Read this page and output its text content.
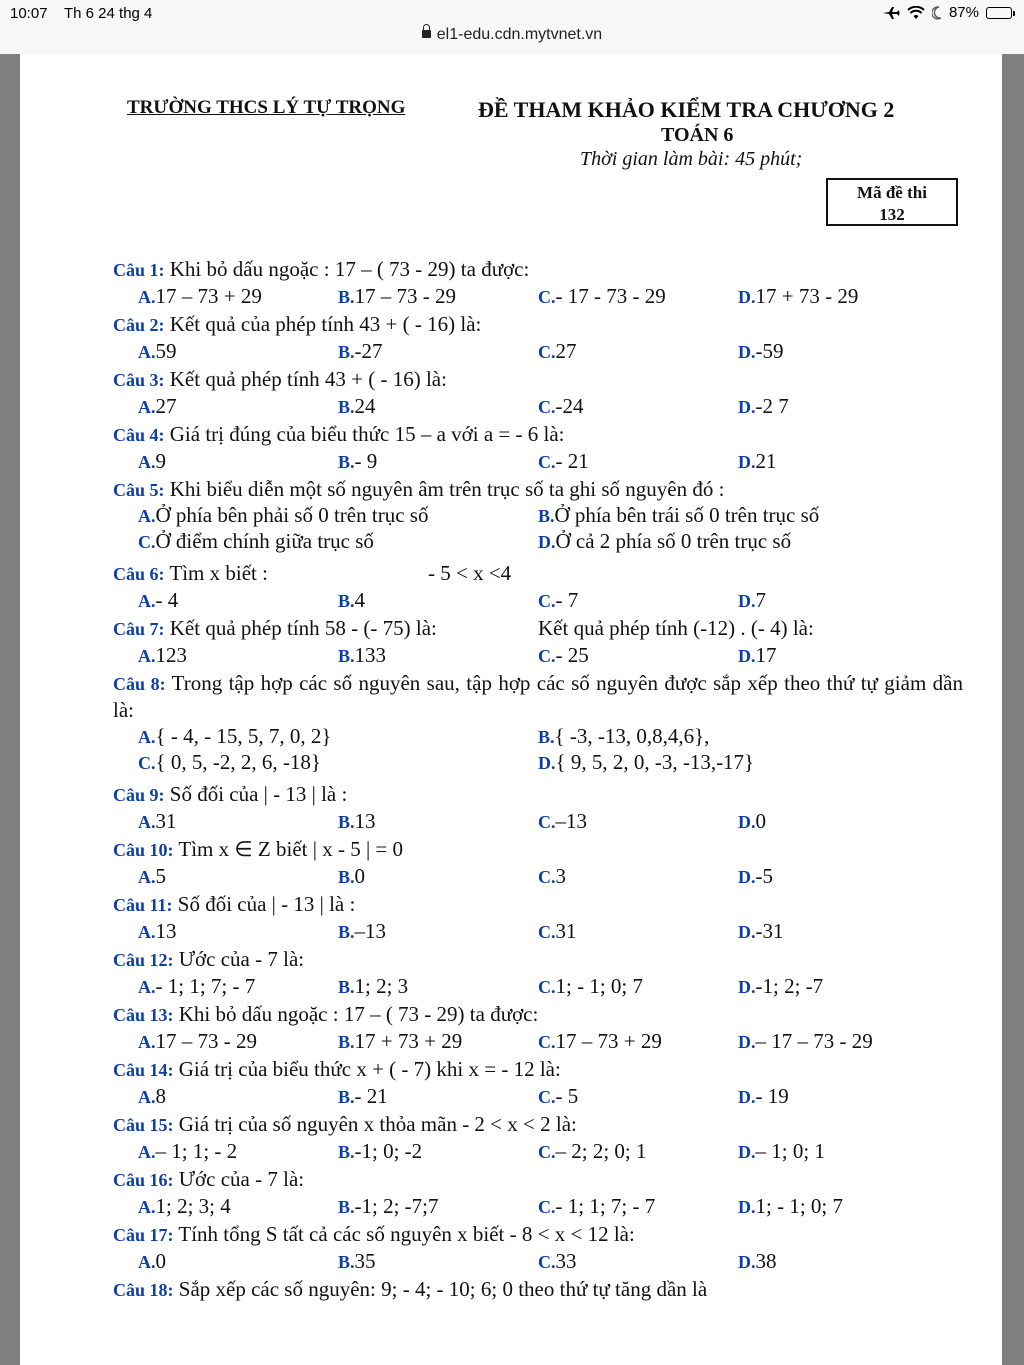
10:07 Th 6 24 thg 4	87%
el1-edu.cdn.mytvnet.vn
TRƯỜNG THCS LÝ TỰ TRỌNG	ĐỀ THAM KHẢO KIỂM TRA CHƯƠNG 2
TOÁN 6
Thời gian làm bài: 45 phút;
Mã đề thi
132
Câu 1: Khi bỏ dấu ngoặc : 17 – ( 73 - 29) ta được:
A.17 – 73 + 29	B.17 – 73 - 29	C.- 17 - 73 - 29	D.17 + 73 - 29
Câu 2: Kết quả của phép tính 43 + ( - 16) là:
A.59	B.-27	C.27	D.-59
Câu 3: Kết quả phép tính 43 + ( - 16) là:
A.27	B.24	C.-24	D.-2 7
Câu 4: Giá trị đúng của biểu thức 15 – a với a = - 6 là:
A.9	B.- 9	C.- 21	D.21
Câu 5: Khi biểu diễn một số nguyên âm trên trục số ta ghi số nguyên đó :
A.Ở phía bên phải số 0 trên trục số	B.Ở phía bên trái số 0 trên trục số
C.Ở điểm chính giữa trục số	D.Ở cả 2 phía số 0 trên trục số
Câu 6: Tìm x biết :	- 5 < x <4
A.- 4	B.4	C.- 7	D.7
Câu 7: Kết quả phép tính 58 - (- 75) là:	Kết quả phép tính (-12) . (- 4) là:
A.123	B.133	C.- 25	D.17
Câu 8: Trong tập hợp các số nguyên sau, tập hợp các số nguyên được sắp xếp theo thứ tự giảm dần là:
A.{ - 4, - 15, 5, 7, 0, 2}	B.{ -3, -13, 0,8,4,6},
C.{ 0, 5, -2, 2, 6, -18}	D.{ 9, 5, 2, 0, -3, -13,-17}
Câu 9: Số đối của | - 13 | là :
A.31	B.13	C.–13	D.0
Câu 10: Tìm x ∈ Z biết | x - 5 | = 0
A.5	B.0	C.3	D.-5
Câu 11: Số đối của | - 13 | là :
A.13	B.–13	C.31	D.-31
Câu 12: Ước của - 7 là:
A.- 1; 1; 7; - 7	B.1; 2; 3	C.1; - 1; 0; 7	D.-1; 2; -7
Câu 13: Khi bỏ dấu ngoặc : 17 – ( 73 - 29) ta được:
A.17 – 73 - 29	B.17 + 73 + 29	C.17 – 73 + 29	D.– 17 – 73 - 29
Câu 14: Giá trị của biểu thức x + ( - 7) khi x = - 12 là:
A.8	B.- 21	C.- 5	D.- 19
Câu 15: Giá trị của số nguyên x thỏa mãn - 2 < x < 2 là:
A.– 1; 1; - 2	B.-1; 0; -2	C.– 2; 2; 0; 1	D.– 1; 0; 1
Câu 16: Ước của - 7 là:
A.1; 2; 3; 4	B.-1; 2; -7;7	C.- 1; 1; 7; - 7	D.1; - 1; 0; 7
Câu 17: Tính tổng S tất cả các số nguyên x biết - 8 < x < 12 là:
A.0	B.35	C.33	D.38
Câu 18: Sắp xếp các số nguyên: 9; - 4; - 10; 6; 0 theo thứ tự tăng dần là
